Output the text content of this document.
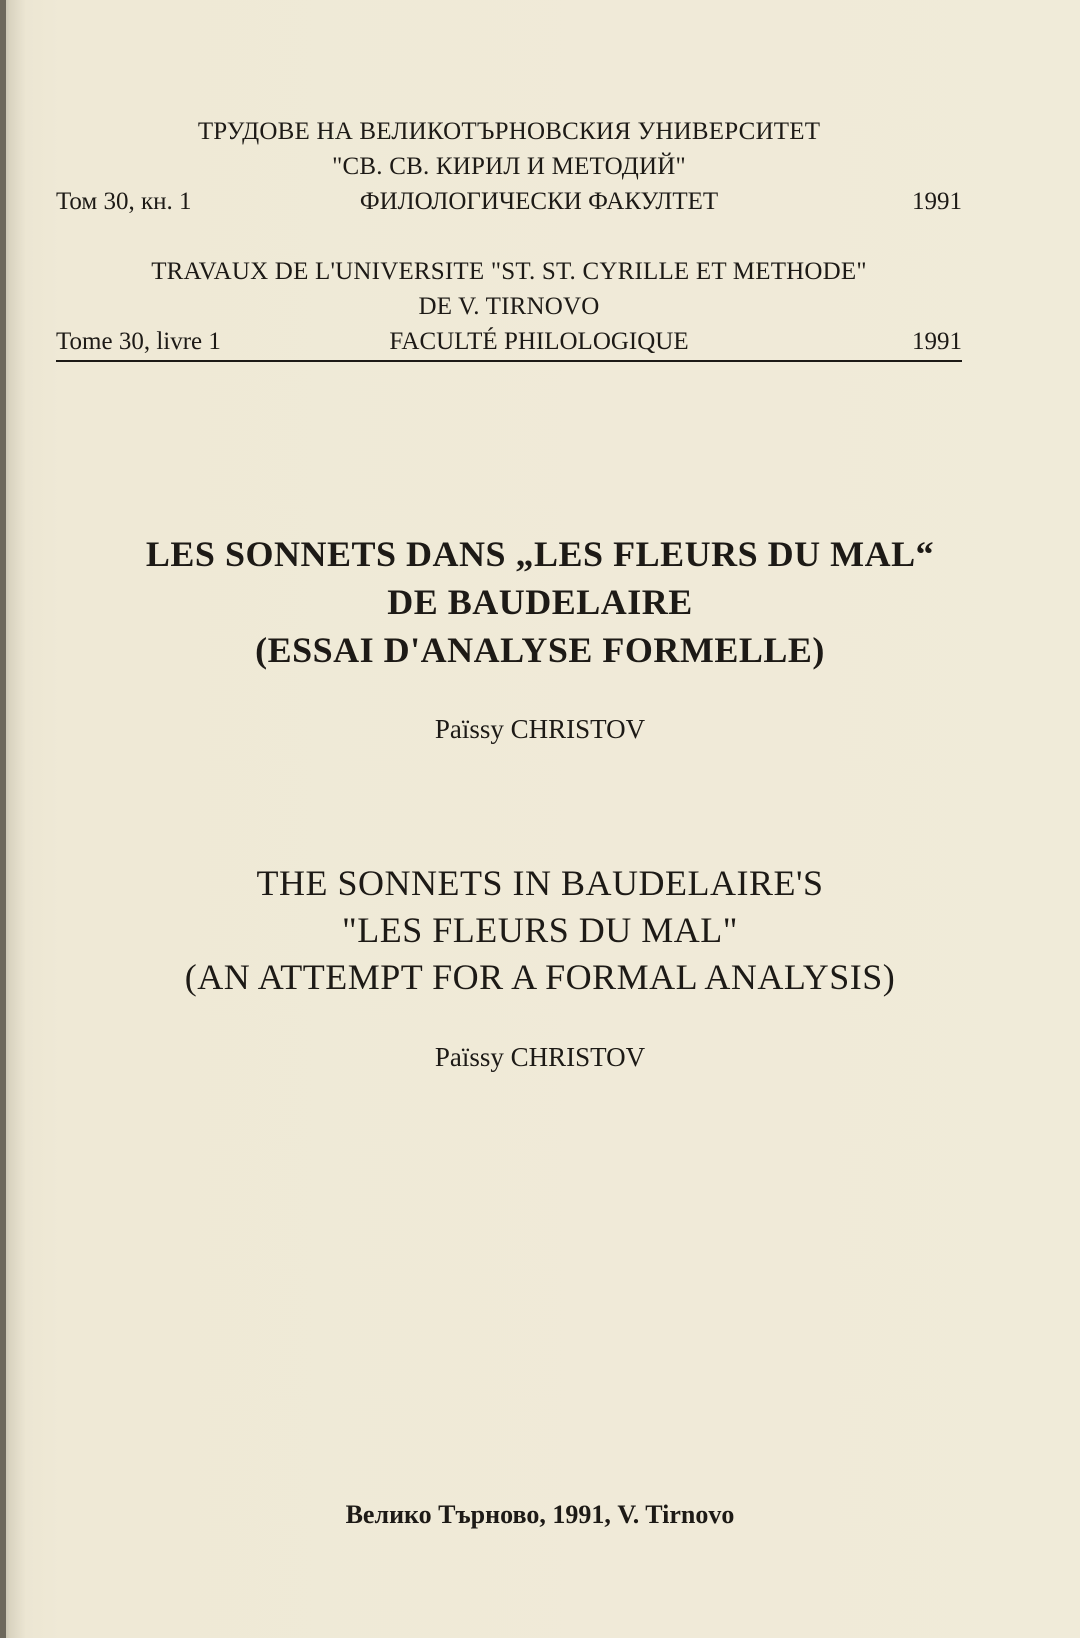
ТРУДОВЕ НА ВЕЛИКОТЪРНОВСКИЯ УНИВЕРСИТЕТ
"СВ. СВ. КИРИЛ И МЕТОДИЙ"
Том 30, кн. 1	ФИЛОЛОГИЧЕСКИ ФАКУЛТЕТ	1991
TRAVAUX DE L'UNIVERSITE "ST. ST. CYRILLE ET METHODE"
DE V. TIRNOVO
Tome 30, livre 1	FACULTÉ PHILOLOGIQUE	1991
LES SONNETS DANS „LES FLEURS DU MAL“
DE BAUDELAIRE
(ESSAI D'ANALYSE FORMELLE)
Païssy CHRISTOV
THE SONNETS IN BAUDELAIRE'S
"LES FLEURS DU MAL"
(AN ATTEMPT FOR A FORMAL ANALYSIS)
Païssy CHRISTOV
Велико Търново, 1991, V. Tirnovo
